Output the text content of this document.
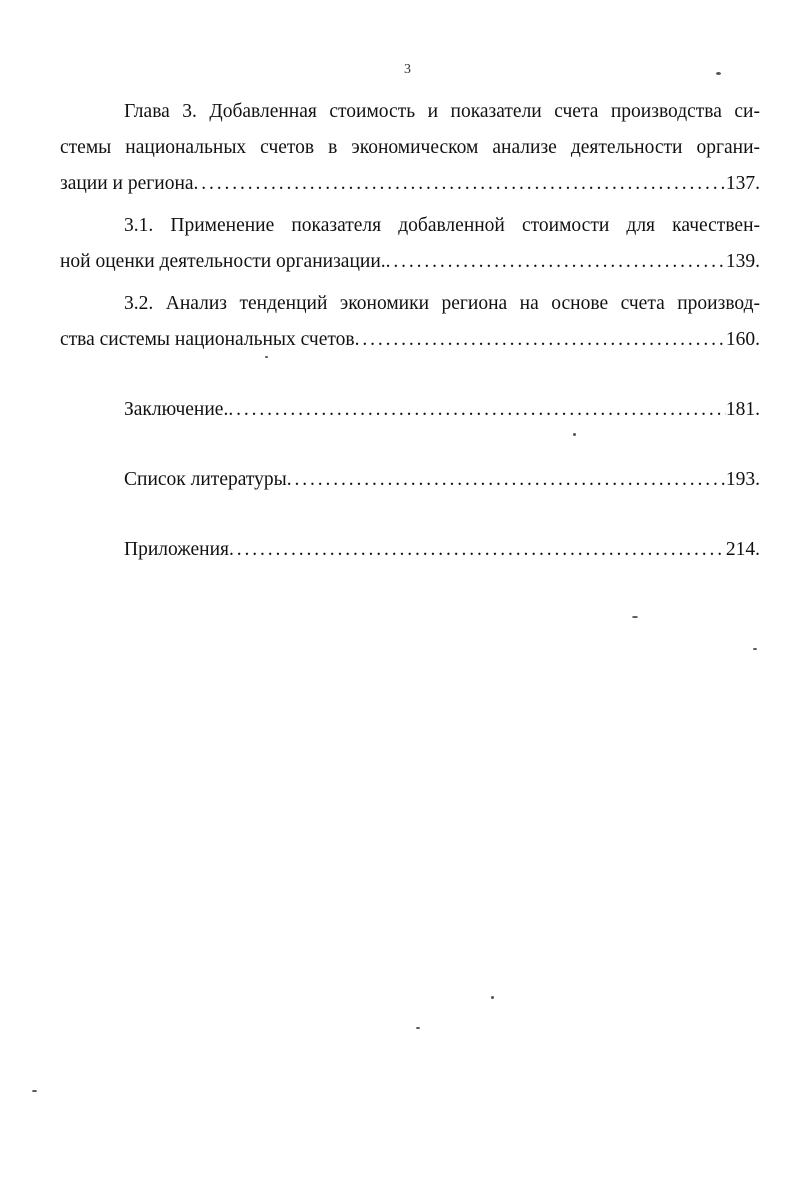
3
Глава 3. Добавленная стоимость и показатели счета производства си-
стемы национальных счетов в экономическом анализе деятельности органи-
зации и региона . . .	137.
3.1. Применение показателя добавленной стоимости для качествен-
ной оценки деятельности организации. . . .	139.
3.2. Анализ тенденций экономики региона на основе счета производ-
ства системы национальных счетов . . .	160.
Заключение. . . .	181.
Список литературы . . .	193.
Приложения . . .	214.
